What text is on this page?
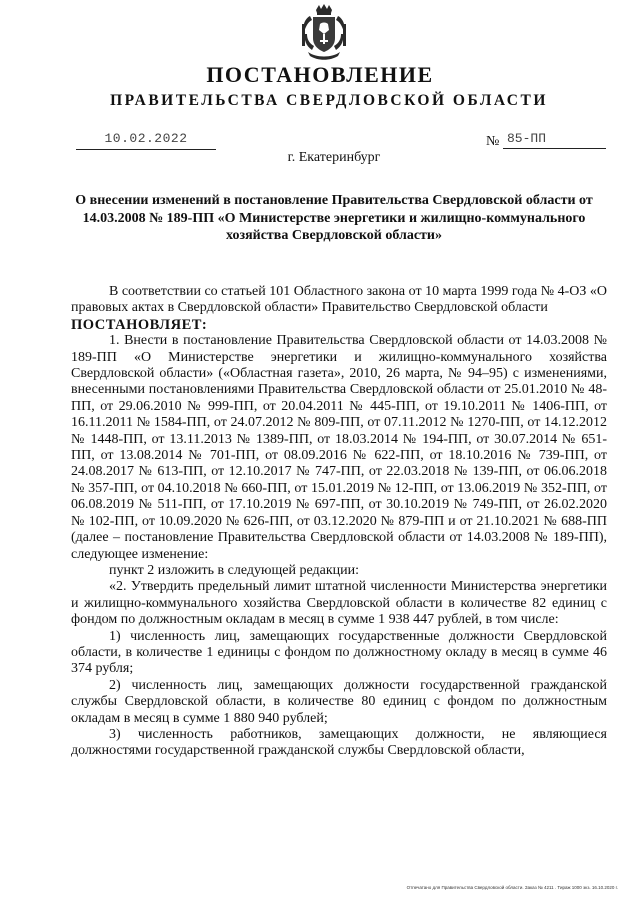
ПОСТАНОВЛЕНИЕ
ПРАВИТЕЛЬСТВА СВЕРДЛОВСКОЙ ОБЛАСТИ
10.02.2022	№ 85-ПП
г. Екатеринбург
О внесении изменений в постановление Правительства Свердловской области от 14.03.2008 № 189-ПП «О Министерстве энергетики и жилищно-коммунального хозяйства Свердловской области»

В соответствии со статьей 101 Областного закона от 10 марта 1999 года № 4-ОЗ «О правовых актах в Свердловской области» Правительство Свердловской области

ПОСТАНОВЛЯЕТ:

1. Внести в постановление Правительства Свердловской области от 14.03.2008 № 189-ПП «О Министерстве энергетики и жилищно-коммунального хозяйства Свердловской области» («Областная газета», 2010, 26 марта, № 94–95) с изменениями, внесенными постановлениями Правительства Свердловской области от 25.01.2010 № 48-ПП, от 29.06.2010 № 999-ПП, от 20.04.2011 № 445-ПП, от 19.10.2011 № 1406-ПП, от 16.11.2011 № 1584-ПП, от 24.07.2012 № 809-ПП, от 07.11.2012 № 1270-ПП, от 14.12.2012 № 1448-ПП, от 13.11.2013 № 1389-ПП, от 18.03.2014 № 194-ПП, от 30.07.2014 № 651-ПП, от 13.08.2014 № 701-ПП, от 08.09.2016 № 622-ПП, от 18.10.2016 № 739-ПП, от 24.08.2017 № 613-ПП, от 12.10.2017 № 747-ПП, от 22.03.2018 № 139-ПП, от 06.06.2018 № 357-ПП, от 04.10.2018 № 660-ПП, от 15.01.2019 № 12-ПП, от 13.06.2019 № 352-ПП, от 06.08.2019 № 511-ПП, от 17.10.2019 № 697-ПП, от 30.10.2019 № 749-ПП, от 26.02.2020 № 102-ПП, от 10.09.2020 № 626-ПП, от 03.12.2020 № 879-ПП и от 21.10.2021 № 688-ПП (далее – постановление Правительства Свердловской области от 14.03.2008 № 189-ПП), следующее изменение:

пункт 2 изложить в следующей редакции:

«2. Утвердить предельный лимит штатной численности Министерства энергетики и жилищно-коммунального хозяйства Свердловской области в количестве 82 единиц с фондом по должностным окладам в месяц в сумме 1 938 447 рублей, в том числе:

1) численность лиц, замещающих государственные должности Свердловской области, в количестве 1 единицы с фондом по должностному окладу в месяц в сумме 46 374 рубля;

2) численность лиц, замещающих должности государственной гражданской службы Свердловской области, в количестве 80 единиц с фондом по должностным окладам в месяц в сумме 1 880 940 рублей;

3) численность работников, замещающих должности, не являющиеся должностями государственной гражданской службы Свердловской области,

Отпечатано для Правительства Свердловской области. Заказ № 4211 . Тираж 1000 экз. 16.10.2020 г.
